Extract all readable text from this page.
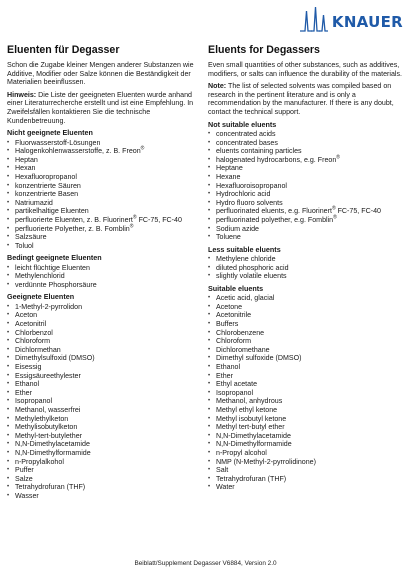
KNAUER
Eluenten für Degasser

Schon die Zugabe kleiner Mengen anderer Substanzen wie Additive, Modifier oder Salze können die Beständigkeit der Materialien beeinflussen.

Hinweis: Die Liste der geeigneten Eluenten wurde anhand einer Literaturrecherche erstellt und ist eine Empfehlung. In Zweifelsfällen kontaktieren Sie die technische Kundenbetreuung.

Nicht geeignete Eluenten
• Fluorwasserstoff-Lösungen
• Halogenkohlenwasserstoffe, z. B. Freon®
• Heptan
• Hexan
• Hexafluoropropanol
• konzentrierte Säuren
• konzentrierte Basen
• Natriumazid
• partikelhaltige Eluenten
• perfluorierte Eluenten, z. B. Fluorinert® FC-75, FC-40
• perfluorierte Polyether, z. B. Fomblin®
• Salzsäure
• Toluol
Bedingt geeignete Eluenten
• leicht flüchtige Eluenten
• Methylenchlorid
• verdünnte Phosphorsäure
Geeignete Eluenten
• 1-Methyl-2-pyrrolidon
• Aceton
• Acetonitril
• Chlorbenzol
• Chloroform
• Dichlormethan
• Dimethylsulfoxid (DMSO)
• Eisessig
• Essigsäureethylester
• Ethanol
• Ether
• Isopropanol
• Methanol, wasserfrei
• Methylethylketon
• Methylisobutylketon
• Methyl-tert-butylether
• N,N-Dimethylacetamide
• N,N-Dimethylformamide
• n-Propylalkohol
• Puffer
• Salze
• Tetrahydrofuran (THF)
• Wasser
Eluents for Degassers

Even small quantities of other substances, such as additives, modifiers, or salts can influence the durability of the materials.

Note: The list of selected solvents was compiled based on research in the pertinent literature and is only a recommendation by the manufacturer. If there is any doubt, contact the technical support.

Not suitable eluents
• concentrated acids
• concentrated bases
• eluents containing particles
• halogenated hydrocarbons, e.g. Freon®
• Heptane
• Hexane
• Hexafluoroisopropanol
• Hydrochloric acid
• Hydro fluoro solvents
• perfluorinated eluents, e.g. Fluorinert® FC-75, FC-40
• perfluorinated polyether, e.g. Fomblin®
• Sodium azide
• Toluene
Less suitable eluents
• Methylene chloride
• diluted phosphoric acid
• slightly volatile eluents
Suitable eluents
• Acetic acid, glacial
• Acetone
• Acetonitrile
• Buffers
• Chlorobenzene
• Chloroform
• Dichloromethane
• Dimethyl sulfoxide (DMSO)
• Ethanol
• Ether
• Ethyl acetate
• Isopropanol
• Methanol, anhydrous
• Methyl ethyl ketone
• Methyl isobutyl ketone
• Methyl tert-butyl ether
• N,N-Dimethylacetamide
• N,N-Dimethylformamide
• n-Propyl alcohol
• NMP (N-Methyl-2-pyrrolidinone)
• Salt
• Tetrahydrofuran (THF)
• Water
Beiblatt/Supplement Degasser V6884, Version 2.0
